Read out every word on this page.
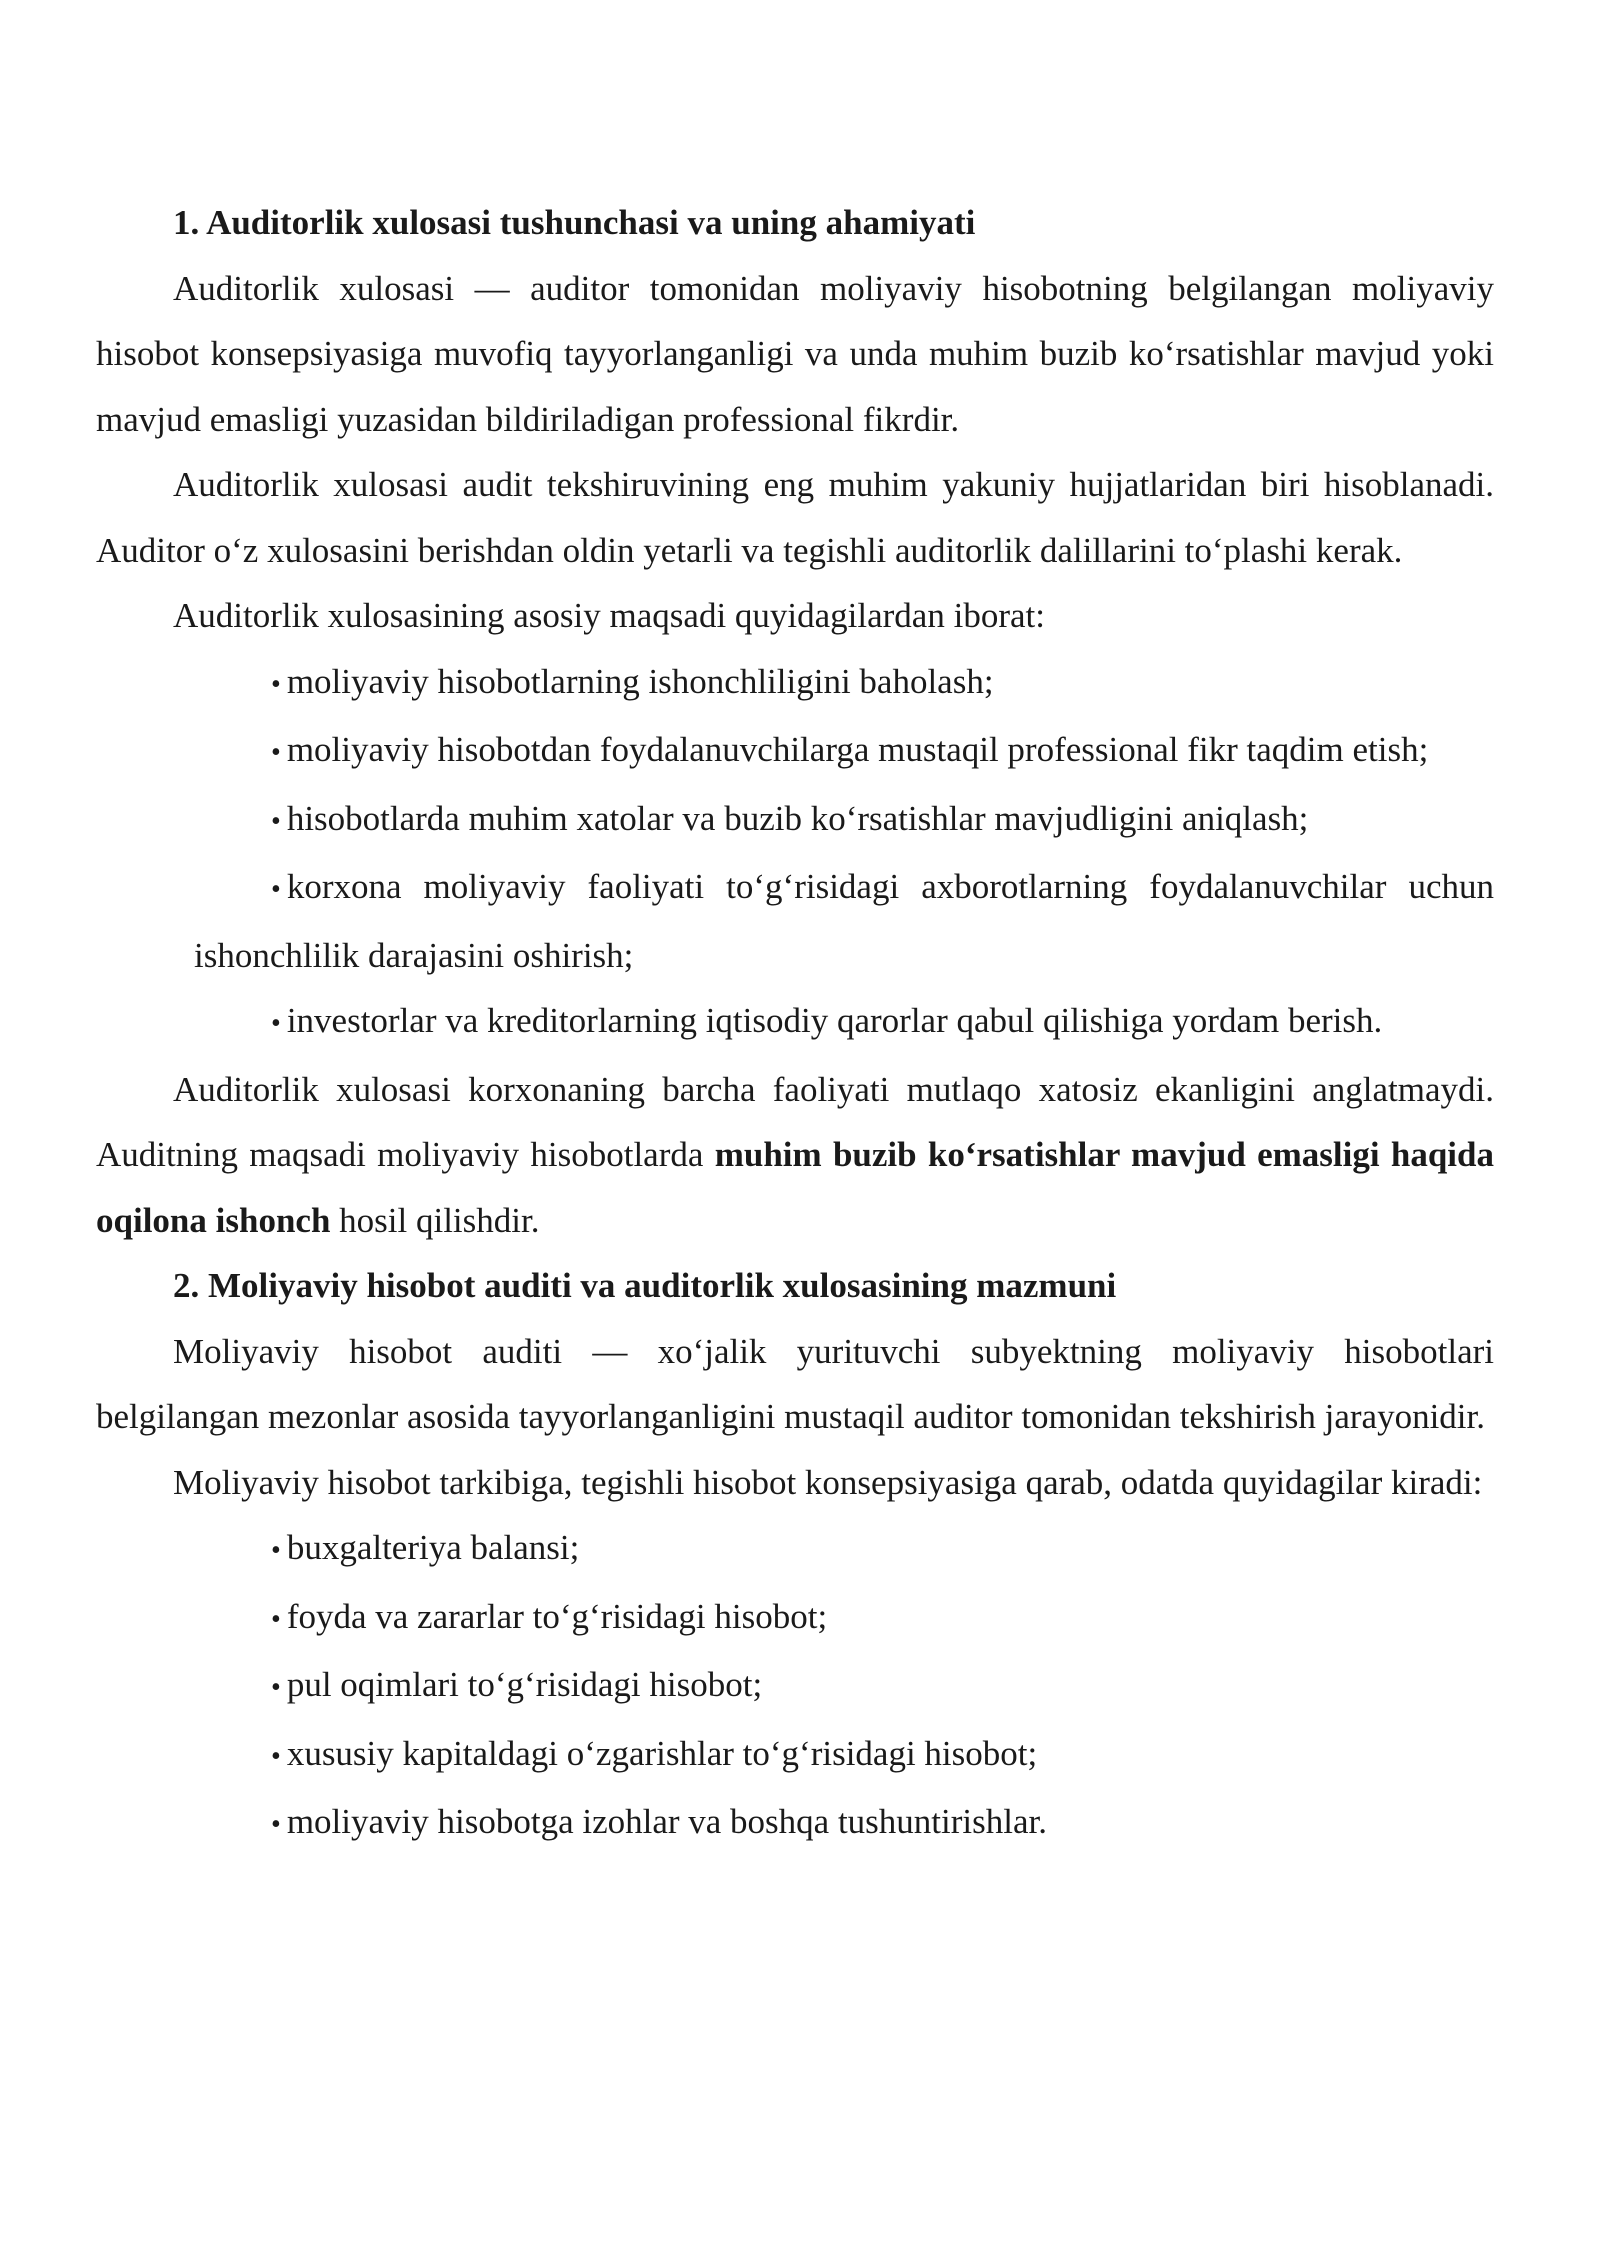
1. Auditorlik xulosasi tushunchasi va uning ahamiyati

Auditorlik xulosasi — auditor tomonidan moliyaviy hisobotning belgilangan moliyaviy hisobot konsepsiyasiga muvofiq tayyorlanganligi va unda muhim buzib ko‘rsatishlar mavjud yoki mavjud emasligi yuzasidan bildiriladigan professional fikrdir.

Auditorlik xulosasi audit tekshiruvining eng muhim yakuniy hujjatlaridan biri hisoblanadi. Auditor o‘z xulosasini berishdan oldin yetarli va tegishli auditorlik dalillarini to‘plashi kerak.

Auditorlik xulosasining asosiy maqsadi quyidagilardan iborat:

• moliyaviy hisobotlarning ishonchliligini baholash;
• moliyaviy hisobotdan foydalanuvchilarga mustaqil professional fikr taqdim etish;
• hisobotlarda muhim xatolar va buzib ko‘rsatishlar mavjudligini aniqlash;
• korxona moliyaviy faoliyati to‘g‘risidagi axborotlarning foydalanuvchilar uchun ishonchlilik darajasini oshirish;
• investorlar va kreditorlarning iqtisodiy qarorlar qabul qilishiga yordam berish.

Auditorlik xulosasi korxonaning barcha faoliyati mutlaqo xatosiz ekanligini anglatmaydi. Auditning maqsadi moliyaviy hisobotlarda muhim buzib ko‘rsatishlar mavjud emasligi haqida oqilona ishonch hosil qilishdir.

2. Moliyaviy hisobot auditi va auditorlik xulosasining mazmuni

Moliyaviy hisobot auditi — xo‘jalik yurituvchi subyektning moliyaviy hisobotlari belgilangan mezonlar asosida tayyorlanganligini mustaqil auditor tomonidan tekshirish jarayonidir.

Moliyaviy hisobot tarkibiga, tegishli hisobot konsepsiyasiga qarab, odatda quyidagilar kiradi:

• buxgalteriya balansi;
• foyda va zararlar to‘g‘risidagi hisobot;
• pul oqimlari to‘g‘risidagi hisobot;
• xususiy kapitaldagi o‘zgarishlar to‘g‘risidagi hisobot;
• moliyaviy hisobotga izohlar va boshqa tushuntirishlar.
